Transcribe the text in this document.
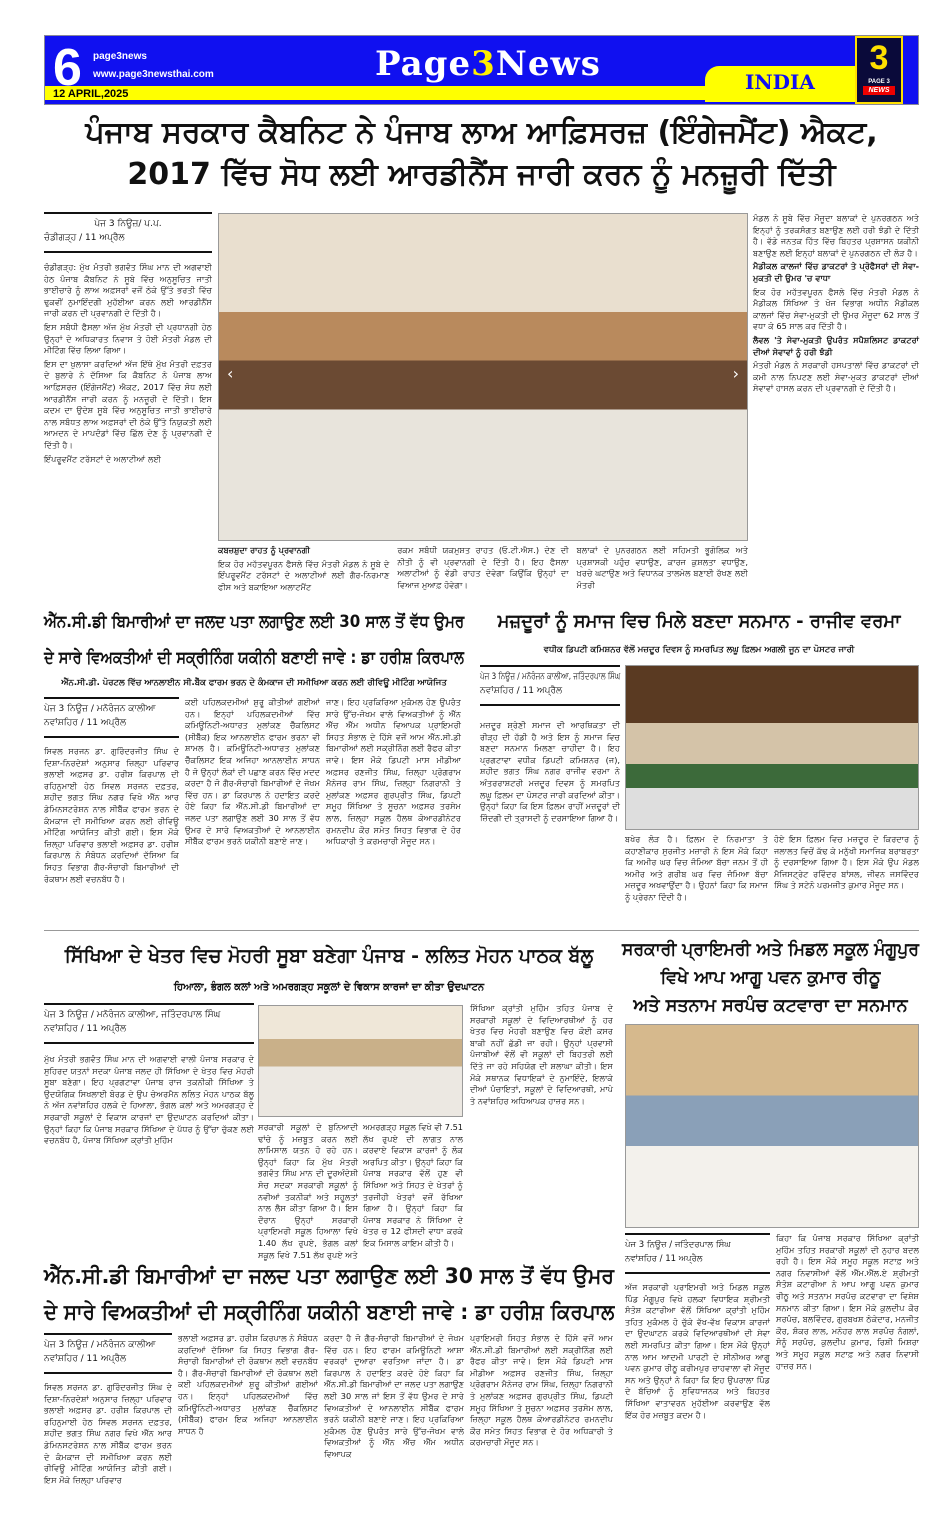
6 page3news
www.page3newsthai.com
12 APRIL,2025
Page3News	INDIA
3
PAGE 3
NEWS
ਪੰਜਾਬ ਸਰਕਾਰ ਕੈਬਨਿਟ ਨੇ ਪੰਜਾਬ ਲਾਅ ਆਫ਼ਿਸਰਜ਼ (ਇੰਗੇਜਮੈਂਟ) ਐਕਟ,
2017 ਵਿੱਚ ਸੋਧ ਲਈ ਆਰਡੀਨੈਂਸ ਜਾਰੀ ਕਰਨ ਨੂੰ ਮਨਜ਼ੂਰੀ ਦਿੱਤੀ
ਪੇਜ 3 ਨਿਊਜ਼/ ਪ.ਪ.
ਚੰਡੀਗੜ੍ਹ / 11 ਅਪ੍ਰੈਲ

ਚੰਡੀਗੜ੍ਹ: ਮੁੱਖ ਮੰਤਰੀ ਭਗਵੰਤ ਸਿੰਘ ਮਾਨ ਦੀ ਅਗਵਾਈ ਹੇਠ ਪੰਜਾਬ ਕੈਬਨਿਟ ਨੇ ਸੂਬੇ ਵਿੱਚ ਅਨੁਸੂਚਿਤ ਜਾਤੀ ਭਾਈਚਾਰੇ ਨੂੰ ਲਾਅ ਅਫ਼ਸਰਾਂ ਵਜੋਂ ਠੇਕੇ ਉੱਤੇ ਭਰਤੀ ਵਿੱਚ ਢੁਕਵੀਂ ਨੁਮਾਇੰਦਗੀ ਮੁਹੱਈਆ ਕਰਨ ਲਈ ਆਰਡੀਨੈਂਸ ਜਾਰੀ ਕਰਨ ਦੀ ਪ੍ਰਵਾਨਗੀ ਦੇ ਦਿੱਤੀ ਹੈ।

ਇਸ ਸਬੰਧੀ ਫੈਸਲਾ ਅੱਜ ਮੁੱਖ ਮੰਤਰੀ ਦੀ ਪ੍ਰਧਾਨਗੀ ਹੇਠ ਉਨ੍ਹਾਂ ਦੇ ਅਧਿਕਾਰਤ ਨਿਵਾਸ ਤੇ ਹੋਈ ਮੰਤਰੀ ਮੰਡਲ ਦੀ ਮੀਟਿੰਗ ਵਿੱਚ ਲਿਆ ਗਿਆ।

ਇਸ ਦਾ ਖੁਲਾਸਾ ਕਰਦਿਆਂ ਅੱਜ ਇੱਥੇ ਮੁੱਖ ਮੰਤਰੀ ਦਫ਼ਤਰ ਦੇ ਬੁਲਾਰੇ ਨੇ ਦੱਸਿਆ ਕਿ ਕੈਬਨਿਟ ਨੇ ਪੰਜਾਬ ਲਾਅ ਆਫ਼ਿਸਰਜ਼ (ਇੰਗੇਜਮੈਂਟ) ਐਕਟ, 2017 ਵਿੱਚ ਸੋਧ ਲਈ ਆਰਡੀਨੈਂਸ ਜਾਰੀ ਕਰਨ ਨੂੰ ਮਨਜ਼ੂਰੀ ਦੇ ਦਿੱਤੀ। ਇਸ ਕਦਮ ਦਾ ਉਦੇਸ਼ ਸੂਬੇ ਵਿੱਚ ਅਨੁਸੂਚਿਤ ਜਾਤੀ ਭਾਈਚਾਰੇ ਨਾਲ ਸਬੰਧਤ ਲਾਅ ਅਫ਼ਸਰਾਂ ਦੀ ਠੇਕੇ ਉੱਤੇ ਨਿਯੁਕਤੀ ਲਈ ਆਮਦਨ ਦੇ ਮਾਪਦੰਡਾਂ ਵਿੱਚ ਛਿੱਲ ਦੇਣ ਨੂੰ ਪ੍ਰਵਾਨਗੀ ਦੇ ਦਿੱਤੀ ਹੈ।

ਇੰਪਰੂਵਮੈਂਟ ਟਰੱਸਟਾਂ ਦੇ ਅਲਾਟੀਆਂ ਲਈ

‹	›

ਕਬਜ਼ਸ਼ੁਦਾ ਰਾਹਤ ਨੂੰ ਪ੍ਰਵਾਨਗੀ

ਇਕ ਹੋਰ ਮਹੱਤਵਪੂਰਨ ਫੈਸਲੇ ਵਿੱਚ ਮੰਤਰੀ ਮੰਡਲ ਨੇ ਸੂਬੇ ਦੇ ਇੰਪਰੂਵਮੈਂਟ ਟਰੱਸਟਾਂ ਦੇ ਅਲਾਟੀਆਂ ਲਈ ਗੈਰ-ਨਿਰਮਾਣ ਫੀਸ ਅਤੇ ਬਕਾਇਆ ਅਲਾਟਮੈਂਟ

ਰਕਮ ਸਬੰਧੀ ਯਕਮੁਸ਼ਤ ਰਾਹਤ (ਓ.ਟੀ.ਐਸ.) ਦੇਣ ਦੀ ਨੀਤੀ ਨੂੰ ਵੀ ਪ੍ਰਵਾਨਗੀ ਦੇ ਦਿੱਤੀ ਹੈ। ਇਹ ਫੈਸਲਾ ਅਲਾਟੀਆਂ ਨੂੰ ਵੱਡੀ ਰਾਹਤ ਦੇਵੇਗਾ ਕਿਉਂਕਿ ਉਨ੍ਹਾਂ ਦਾ ਵਿਆਜ ਮੁਆਫ਼ ਹੋਵੇਗਾ।

ਬਲਾਕਾਂ ਦੇ ਪੁਨਰਗਠਨ ਲਈ ਸਹਿਮਤੀ ਭੂਗੋਲਿਕ ਅਤੇ ਪ੍ਰਸ਼ਾਸਕੀ ਪਹੁੰਚ ਵਧਾਉਣ, ਕਾਰਜ ਕੁਸ਼ਲਤਾ ਵਧਾਉਣ, ਖ਼ਰਚੇ ਘਟਾਉਣ ਅਤੇ ਵਿਧਾਨਕ ਤਾਲਮੇਲ ਬਣਾਈ ਰੱਖਣ ਲਈ ਮੰਤਰੀ

ਮੰਡਲ ਨੇ ਸੂਬੇ ਵਿੱਚ ਮੌਜੂਦਾ ਬਲਾਕਾਂ ਦੇ ਪੁਨਰਗਠਨ ਅਤੇ ਇਨ੍ਹਾਂ ਨੂੰ ਤਰਕਸੰਗਤ ਬਣਾਉਣ ਲਈ ਹਰੀ ਝੰਡੀ ਦੇ ਦਿੱਤੀ ਹੈ। ਵੱਡੇ ਜਨਤਕ ਹਿੱਤ ਵਿੱਚ ਬਿਹਤਰ ਪ੍ਰਸ਼ਾਸਨ ਯਕੀਨੀ ਬਣਾਉਣ ਲਈ ਇਨ੍ਹਾਂ ਬਲਾਕਾਂ ਦੇ ਪੁਨਰਗਠਨ ਦੀ ਲੋੜ ਹੈ।

ਮੈਡੀਕਲ ਕਾਲਜਾਂ ਵਿੱਚ ਡਾਕਟਰਾਂ ਤੇ ਪ੍ਰੋਫੈਸਰਾਂ ਦੀ ਸੇਵਾ-ਮੁਕਤੀ ਦੀ ਉਮਰ 'ਚ ਵਾਧਾ

ਇਕ ਹੋਰ ਮਹੱਤਵਪੂਰਨ ਫੈਸਲੇ ਵਿੱਚ ਮੰਤਰੀ ਮੰਡਲ ਨੇ ਮੈਡੀਕਲ ਸਿੱਖਿਆ ਤੇ ਖੋਜ ਵਿਭਾਗ ਅਧੀਨ ਮੈਡੀਕਲ ਕਾਲਜਾਂ ਵਿੱਚ ਸੇਵਾ-ਮੁਕਤੀ ਦੀ ਉਮਰ ਮੌਜੂਦਾ 62 ਸਾਲ ਤੋਂ ਵਧਾ ਕੇ 65 ਸਾਲ ਕਰ ਦਿੱਤੀ ਹੈ।

ਲੈਵਲ 'ਤੇ ਸੇਵਾ-ਮੁਕਤੀ ਉਪਰੰਤ ਸਪੈਸ਼ਲਿਸਟ ਡਾਕਟਰਾਂ ਦੀਆਂ ਸੇਵਾਵਾਂ ਨੂੰ ਹਰੀ ਝੰਡੀ

ਮੰਤਰੀ ਮੰਡਲ ਨੇ ਸਰਕਾਰੀ ਹਸਪਤਾਲਾਂ ਵਿੱਚ ਡਾਕਟਰਾਂ ਦੀ ਕਮੀ ਨਾਲ ਨਿਪਟਣ ਲਈ ਸੇਵਾ-ਮੁਕਤ ਡਾਕਟਰਾਂ ਦੀਆਂ ਸੇਵਾਵਾਂ ਹਾਸਲ ਕਰਨ ਦੀ ਪ੍ਰਵਾਨਗੀ ਦੇ ਦਿੱਤੀ ਹੈ।

ਐੱਨ.ਸੀ.ਡੀ ਬਿਮਾਰੀਆਂ ਦਾ ਜਲਦ ਪਤਾ ਲਗਾਉਣ ਲਈ 30 ਸਾਲ ਤੋਂ ਵੱਧ ਉਮਰ
ਦੇ ਸਾਰੇ ਵਿਅਕਤੀਆਂ ਦੀ ਸਕ੍ਰੀਨਿੰਗ ਯਕੀਨੀ ਬਣਾਈ ਜਾਵੇ : ਡਾ ਹਰੀਸ਼ ਕਿਰਪਾਲ
ਐੱਨ.ਸੀ.ਡੀ. ਪੋਰਟਲ ਵਿੱਚ ਆਨਲਾਈਨ ਸੀ.ਬੈੱਕ ਫਾਰਮ ਭਰਨ ਦੇ ਕੰਮਕਾਜ ਦੀ ਸਮੀਖਿਆ ਕਰਨ ਲਈ ਰੀਵਿਊ ਮੀਟਿੰਗ ਆਯੋਜਿਤ
ਪੇਜ 3 ਨਿਊਜ਼ / ਮਨੋਰੰਜਨ ਕਾਲੀਆ
ਨਵਾਂਸ਼ਹਿਰ / 11 ਅਪ੍ਰੈਲ
ਸਿਵਲ ਸਰਜਨ ਡਾ. ਗੁਰਿੰਦਰਜੀਤ ਸਿੰਘ ਦੇ ਦਿਸ਼ਾ-ਨਿਰਦੇਸ਼ਾਂ ਅਨੁਸਾਰ ਜ਼ਿਲ੍ਹਾ ਪਰਿਵਾਰ ਭਲਾਈ ਅਫ਼ਸਰ ਡਾ. ਹਰੀਸ਼ ਕਿਰਪਾਲ ਦੀ ਰਹਿਨੁਮਾਈ ਹੇਠ ਸਿਵਲ ਸਰਜਨ ਦਫ਼ਤਰ, ਸ਼ਹੀਦ ਭਗਤ ਸਿੰਘ ਨਗਰ ਵਿਖੇ ਐੱਨ ਆਰ ਡੇਮਿਨਸਟਰੇਸ਼ਨ ਨਾਲ ਸੀਬੈੱਕ ਫਾਰਮ ਭਰਨ ਦੇ ਕੰਮਕਾਜ ਦੀ ਸਮੀਖਿਆ ਕਰਨ ਲਈ ਰੀਵਿਊ ਮੀਟਿੰਗ ਆਯੋਜਿਤ ਕੀਤੀ ਗਈ। ਇਸ ਮੌਕੇ ਜ਼ਿਲ੍ਹਾ ਪਰਿਵਾਰ ਭਲਾਈ ਅਫ਼ਸਰ ਡਾ. ਹਰੀਸ਼ ਕਿਰਪਾਲ ਨੇ ਸੰਬੋਧਨ ਕਰਦਿਆਂ ਦੱਸਿਆ ਕਿ ਸਿਹਤ ਵਿਭਾਗ ਗੈਰ-ਸੰਚਾਰੀ ਬਿਮਾਰੀਆਂ ਦੀ ਰੋਕਥਾਮ ਲਈ ਵਚਨਬੱਧ ਹੈ।
ਕਈ ਪਹਿਲਕਦਮੀਆਂ ਸ਼ੁਰੂ ਕੀਤੀਆਂ ਗਈਆਂ ਹਨ। ਇਨ੍ਹਾਂ ਪਹਿਲਕਦਮੀਆਂ ਵਿੱਚ ਕਮਿਊਨਿਟੀ-ਅਧਾਰਤ ਮੁਲਾਂਕਣ ਚੈੱਕਲਿਸਟ (ਸੀਬੈੱਕ) ਇਕ ਆਨਲਾਈਨ ਫਾਰਮ ਭਰਨਾ ਵੀ ਸ਼ਾਮਲ ਹੈ। ਕਮਿਊਨਿਟੀ-ਅਧਾਰਤ ਮੁਲਾਂਕਣ ਚੈੱਕਲਿਸਟ ਇਕ ਅਜਿਹਾ ਆਨਲਾਈਨ ਸਾਧਨ ਹੈ ਜੋ ਉਨ੍ਹਾਂ ਲੋਕਾਂ ਦੀ ਪਛਾਣ ਕਰਨ ਵਿੱਚ ਮਦਦ ਕਰਦਾ ਹੈ ਜੋ ਗੈਰ-ਸੰਚਾਰੀ ਬਿਮਾਰੀਆਂ ਦੇ ਜੋਖਮ ਵਿੱਚ ਹਨ। ਡਾ ਕਿਰਪਾਲ ਨੇ ਹਦਾਇਤ ਕਰਦੇ ਹੋਏ ਕਿਹਾ ਕਿ ਐੱਨ.ਸੀ.ਡੀ ਬਿਮਾਰੀਆਂ ਦਾ ਜਲਦ ਪਤਾ ਲਗਾਉਣ ਲਈ 30 ਸਾਲ ਤੋਂ ਵੱਧ ਉਮਰ ਦੇ ਸਾਰੇ ਵਿਅਕਤੀਆਂ ਦੇ ਆਨਲਾਈਨ ਸੀਬੈੱਕ ਫਾਰਮ ਭਰਨੇ ਯਕੀਨੀ ਬਣਾਏ ਜਾਣ।
ਜਾਣ। ਇਹ ਪ੍ਰਕਿਰਿਆ ਮੁਕੰਮਲ ਹੋਣ ਉਪਰੰਤ ਸਾਰੇ ਉੱਚ-ਜੋਖਮ ਵਾਲੇ ਵਿਅਕਤੀਆਂ ਨੂੰ ਐੱਨ ਐੱਚ ਐੱਮ ਅਧੀਨ ਵਿਆਪਕ ਪ੍ਰਾਇਮਰੀ ਸਿਹਤ ਸੰਭਾਲ ਦੇ ਹਿੱਸੇ ਵਜੋਂ ਆਮ ਐੱਨ.ਸੀ.ਡੀ ਬਿਮਾਰੀਆਂ ਲਈ ਸਕ੍ਰੀਨਿੰਗ ਲਈ ਰੈਫਰ ਕੀਤਾ ਜਾਵੇ। ਇਸ ਮੌਕੇ ਡਿਪਟੀ ਮਾਸ ਮੀਡੀਆ ਅਫ਼ਸਰ ਰਣਜੀਤ ਸਿੰਘ, ਜ਼ਿਲ੍ਹਾ ਪ੍ਰੋਗਰਾਮ ਮੈਨੇਜਰ ਰਾਮ ਸਿੰਘ, ਜ਼ਿਲ੍ਹਾ ਨਿਗਰਾਨੀ ਤੇ ਮੁਲਾਂਕਣ ਅਫ਼ਸਰ ਗੁਰਪ੍ਰੀਤ ਸਿੰਘ, ਡਿਪਟੀ ਸਮੂਹ ਸਿੱਖਿਆ ਤੇ ਸੂਚਨਾ ਅਫ਼ਸਰ ਤਰਸੇਮ ਲਾਲ, ਜ਼ਿਲ੍ਹਾ ਸਕੂਲ ਹੈਲਥ ਕੋਆਰਡੀਨੇਟਰ ਰਮਨਦੀਪ ਕੌਰ ਸਮੇਤ ਸਿਹਤ ਵਿਭਾਗ ਦੇ ਹੋਰ ਅਧਿਕਾਰੀ ਤੇ ਕਰਮਚਾਰੀ ਮੌਜੂਦ ਸਨ।
ਮਜ਼ਦੂਰਾਂ ਨੂੰ ਸਮਾਜ ਵਿਚ ਮਿਲੇ ਬਣਦਾ ਸਨਮਾਨ - ਰਾਜੀਵ ਵਰਮਾ
ਵਧੀਕ ਡਿਪਟੀ ਕਮਿਸ਼ਨਰ ਵੱਲੋਂ ਮਜ਼ਦੂਰ ਦਿਵਸ ਨੂੰ ਸਮਰਪਿਤ ਲਘੂ ਫ਼ਿਲਮ ਅਗਲੀ ਜੂਨ ਦਾ ਪੋਸਟਰ ਜਾਰੀ
ਪੇਜ 3 ਨਿਊਜ਼ / ਮਨੋਰੰਜਨ ਕਾਲੀਆ, ਜਤਿੰਦਰਪਾਲ ਸਿੰਘ
ਨਵਾਂਸ਼ਹਿਰ / 11 ਅਪ੍ਰੈਲ
ਮਜ਼ਦੂਰ ਸ਼੍ਰੇਣੀ ਸਮਾਜ ਦੀ ਆਰਥਿਕਤਾ ਦੀ ਰੀੜ੍ਹ ਦੀ ਹੱਡੀ ਹੈ ਅਤੇ ਇਸ ਨੂੰ ਸਮਾਜ ਵਿਚ ਬਣਦਾ ਸਨਮਾਨ ਮਿਲਣਾ ਚਾਹੀਦਾ ਹੈ। ਇਹ ਪ੍ਰਗਟਾਵਾ ਵਧੀਕ ਡਿਪਟੀ ਕਮਿਸ਼ਨਰ (ਜ), ਸ਼ਹੀਦ ਭਗਤ ਸਿੰਘ ਨਗਰ ਰਾਜੀਵ ਵਰਮਾ ਨੇ ਅੰਤਰਰਾਸ਼ਟਰੀ ਮਜ਼ਦੂਰ ਦਿਵਸ ਨੂੰ ਸਮਰਪਿਤ ਲਘੂ ਫ਼ਿਲਮ ਦਾ ਪੋਸਟਰ ਜਾਰੀ ਕਰਦਿਆਂ ਕੀਤਾ। ਉਨ੍ਹਾਂ ਕਿਹਾ ਕਿ ਇਸ ਫ਼ਿਲਮ ਰਾਹੀਂ ਮਜ਼ਦੂਰਾਂ ਦੀ ਜ਼ਿੰਦਗੀ ਦੀ ਤ੍ਰਾਸਦੀ ਨੂੰ ਦਰਸਾਇਆ ਗਿਆ ਹੈ।
ਬਖੇਰ ਲੋੜ ਹੈ। ਫ਼ਿਲਮ ਦੇ ਨਿਰਮਾਤਾ ਤੇ ਕਹਾਣੀਕਾਰ ਸੁਰਜੀਤ ਮਜ਼ਾਰੀ ਨੇ ਇਸ ਮੌਕੇ ਕਿਹਾ ਕਿ ਅਮੀਰ ਘਰ ਵਿਚ ਜੰਮਿਆ ਬੱਚਾ ਜਨਮ ਤੋਂ ਹੀ ਅਮੀਰ ਅਤੇ ਗਰੀਬ ਘਰ ਵਿਚ ਜੰਮਿਆ ਬੱਚਾ ਮਜ਼ਦੂਰ ਅਖਵਾਉਂਦਾ ਹੈ। ਉਹਨਾਂ ਕਿਹਾ ਕਿ ਸਮਾਜ ਨੂੰ ਪ੍ਰੇਰਨਾ ਦਿੰਦੀ ਹੈ।
ਹੋਏ ਇਸ ਫ਼ਿਲਮ ਵਿਚ ਮਜ਼ਦੂਰ ਦੇ ਕਿਰਦਾਰ ਨੂੰ ਜਲਾਲਤ ਵਿਚੋਂ ਕੱਢ ਕੇ ਮਨੁੱਖੀ ਸਮਾਜਿਕ ਬਰਾਬਰਤਾ ਨੂੰ ਦਰਸਾਇਆ ਗਿਆ ਹੈ। ਇਸ ਮੌਕੇ ਉਪ ਮੰਡਲ ਮੈਜਿਸਟ੍ਰੇਟ ਰਵਿੰਦਰ ਬਾਂਸਲ, ਜੀਵਨ ਜਸਵਿੰਦਰ ਸਿੰਘ ਤੇ ਸਟੇਨੋ ਪਰਮਜੀਤ ਕੁਮਾਰ ਮੌਜੂਦ ਸਨ।
ਸਿੱਖਿਆ ਦੇ ਖੇਤਰ ਵਿਚ ਮੋਹਰੀ ਸੂਬਾ ਬਣੇਗਾ ਪੰਜਾਬ - ਲਲਿਤ ਮੋਹਨ ਪਾਠਕ ਬੱਲੂ
ਹਿਆਲਾ, ਭੰਗਲ ਕਲਾਂ ਅਤੇ ਅਮਰਗੜ੍ਹ ਸਕੂਲਾਂ ਦੇ ਵਿਕਾਸ ਕਾਰਜਾਂ ਦਾ ਕੀਤਾ ਉਦਘਾਟਨ
ਪੇਜ 3 ਨਿਊਜ਼ / ਮਨੋਰੰਜਨ ਕਾਲੀਆ, ਜਤਿੰਦਰਪਾਲ ਸਿੰਘ
ਨਵਾਂਸ਼ਹਿਰ / 11 ਅਪ੍ਰੈਲ
ਮੁੱਖ ਮੰਤਰੀ ਭਗਵੰਤ ਸਿੰਘ ਮਾਨ ਦੀ ਅਗਵਾਈ ਵਾਲੀ ਪੰਜਾਬ ਸਰਕਾਰ ਦੇ ਸੁਹਿਰਦ ਯਤਨਾਂ ਸਦਕਾ ਪੰਜਾਬ ਜਲਦ ਹੀ ਸਿੱਖਿਆ ਦੇ ਖੇਤਰ ਵਿਚ ਮੋਹਰੀ ਸੂਬਾ ਬਣੇਗਾ। ਇਹ ਪ੍ਰਗਟਾਵਾ ਪੰਜਾਬ ਰਾਜ ਤਕਨੀਕੀ ਸਿੱਖਿਆ ਤੇ ਉਦਯੋਗਿਕ ਸਿਖਲਾਈ ਬੋਰਡ ਦੇ ਉਪ ਚੇਅਰਮੈਨ ਲਲਿਤ ਮੋਹਨ ਪਾਠਕ ਬੱਲੂ ਨੇ ਅੱਜ ਨਵਾਂਸ਼ਹਿਰ ਹਲਕੇ ਦੇ ਹਿਆਲਾ, ਭੰਗਲ ਕਲਾਂ ਅਤੇ ਅਮਰਗੜ੍ਹ ਦੇ ਸਰਕਾਰੀ ਸਕੂਲਾਂ ਦੇ ਵਿਕਾਸ ਕਾਰਜਾਂ ਦਾ ਉਦਘਾਟਨ ਕਰਦਿਆਂ ਕੀਤਾ। ਉਨ੍ਹਾਂ ਕਿਹਾ ਕਿ ਪੰਜਾਬ ਸਰਕਾਰ ਸਿੱਖਿਆ ਦੇ ਪੱਧਰ ਨੂੰ ਉੱਚਾ ਚੁੱਕਣ ਲਈ ਵਚਨਬੱਧ ਹੈ, ਪੰਜਾਬ ਸਿੱਖਿਆ ਕ੍ਰਾਂਤੀ ਮੁਹਿੰਮ
ਸਰਕਾਰੀ ਸਕੂਲਾਂ ਦੇ ਬੁਨਿਆਦੀ ਢਾਂਚੇ ਨੂੰ ਮਜ਼ਬੂਤ ਕਰਨ ਲਈ ਲਾਮਿਸਾਲ ਯਤਨ ਹੋ ਰਹੇ ਹਨ। ਉਨ੍ਹਾਂ ਕਿਹਾ ਕਿ ਮੁੱਖ ਮੰਤਰੀ ਭਗਵੰਤ ਸਿੰਘ ਮਾਨ ਦੀ ਦੂਰਅੰਦੇਸ਼ੀ ਸੋਚ ਸਦਕਾ ਸਰਕਾਰੀ ਸਕੂਲਾਂ ਨੂੰ ਨਵੀਆਂ ਤਕਨੀਕਾਂ ਅਤੇ ਸਹੂਲਤਾਂ ਨਾਲ ਲੈਸ ਕੀਤਾ ਗਿਆ ਹੈ। ਇਸ ਦੌਰਾਨ ਉਨ੍ਹਾਂ ਸਰਕਾਰੀ ਪ੍ਰਾਇਮਰੀ ਸਕੂਲ ਹਿਆਲਾ ਵਿਖੇ 1.40 ਲੱਖ ਰੁਪਏ, ਭੰਗਲ ਕਲਾਂ ਸਕੂਲ ਵਿਖੇ 7.51 ਲੱਖ ਰੁਪਏ ਅਤੇ
ਅਮਰਗੜ੍ਹ ਸਕੂਲ ਵਿਖੇ ਵੀ 7.51 ਲੱਖ ਰੁਪਏ ਦੀ ਲਾਗਤ ਨਾਲ ਕਰਵਾਏ ਵਿਕਾਸ ਕਾਰਜਾਂ ਨੂੰ ਲੋਕ ਅਰਪਿਤ ਕੀਤਾ। ਉਨ੍ਹਾਂ ਕਿਹਾ ਕਿ ਪੰਜਾਬ ਸਰਕਾਰ ਵੱਲੋਂ ਹੁਣ ਵੀ ਸਿੱਖਿਆ ਅਤੇ ਸਿਹਤ ਦੇ ਖੇਤਰਾਂ ਨੂੰ ਤਰਜੀਹੀ ਖੇਤਰਾਂ ਵਜੋਂ ਰੱਖਿਆ ਗਿਆ ਹੈ। ਉਨ੍ਹਾਂ ਕਿਹਾ ਕਿ ਪੰਜਾਬ ਸਰਕਾਰ ਨੇ ਸਿੱਖਿਆ ਦੇ ਖੇਤਰ ਚ 12 ਫੀਸਦੀ ਵਾਧਾ ਕਰਕੇ ਇਕ ਮਿਸਾਲ ਕਾਇਮ ਕੀਤੀ ਹੈ।
ਸਿੱਖਿਆ ਕ੍ਰਾਂਤੀ ਮੁਹਿੰਮ ਤਹਿਤ ਪੰਜਾਬ ਦੇ ਸਰਕਾਰੀ ਸਕੂਲਾਂ ਦੇ ਵਿਦਿਆਰਥੀਆਂ ਨੂੰ ਹਰ ਖੇਤਰ ਵਿਚ ਮੋਹਰੀ ਬਣਾਉਣ ਵਿਚ ਕੋਈ ਕਸਰ ਬਾਕੀ ਨਹੀਂ ਛੱਡੀ ਜਾ ਰਹੀ। ਉਨ੍ਹਾਂ ਪ੍ਰਵਾਸੀ ਪੰਜਾਬੀਆਂ ਵੱਲੋਂ ਵੀ ਸਕੂਲਾਂ ਦੀ ਬਿਹਤਰੀ ਲਈ ਦਿੱਤੇ ਜਾ ਰਹੇ ਸਹਿਯੋਗ ਦੀ ਸ਼ਲਾਘਾ ਕੀਤੀ। ਇਸ ਮੌਕੇ ਸਥਾਨਕ ਵਿਧਾਇਕਾਂ ਦੇ ਨੁਮਾਇੰਦੇ, ਇਲਾਕੇ ਦੀਆਂ ਪੰਚਾਇਤਾਂ, ਸਕੂਲਾਂ ਦੇ ਵਿਦਿਆਰਥੀ, ਮਾਪੇ ਤੇ ਨਵਾਂਸ਼ਹਿਰ ਅਧਿਆਪਕ ਹਾਜ਼ਰ ਸਨ।
ਸਰਕਾਰੀ ਪ੍ਰਾਇਮਰੀ ਅਤੇ ਮਿਡਲ ਸਕੂਲ ਮੰਗੂਪੁਰ
ਵਿਖੇ ਆਪ ਆਗੂ ਪਵਨ ਕੁਮਾਰ ਰੀਠੂ
ਅਤੇ ਸਤਨਾਮ ਸਰਪੰਚ ਕਟਵਾਰਾ ਦਾ ਸਨਮਾਨ
ਪੇਜ 3 ਨਿਊਜ਼ / ਜਤਿੰਦਰਪਾਲ ਸਿੰਘ
ਨਵਾਂਸ਼ਹਿਰ / 11 ਅਪ੍ਰੈਲ
ਅੱਜ ਸਰਕਾਰੀ ਪ੍ਰਾਇਮਰੀ ਅਤੇ ਮਿਡਲ ਸਕੂਲ ਪਿੰਡ ਮੰਗੂਪੁਰ ਵਿਖੇ ਹਲਕਾ ਵਿਧਾਇਕ ਸ਼੍ਰੀਮਤੀ ਸੰਤੋਸ਼ ਕਟਾਰੀਆ ਵੱਲੋਂ ਸਿੱਖਿਆ ਕ੍ਰਾਂਤੀ ਮੁਹਿੰਮ ਤਹਿਤ ਮੁਕੰਮਲ ਹੋ ਚੁੱਕੇ ਵੱਖ-ਵੱਖ ਵਿਕਾਸ ਕਾਰਜਾਂ ਦਾ ਉਦਘਾਟਨ ਕਰਕੇ ਵਿਦਿਆਰਥੀਆਂ ਦੀ ਸੇਵਾ ਲਈ ਸਮਰਪਿਤ ਕੀਤਾ ਗਿਆ। ਇਸ ਮੌਕੇ ਉਨ੍ਹਾਂ ਨਾਲ ਆਮ ਆਦਮੀ ਪਾਰਟੀ ਦੇ ਸੀਨੀਅਰ ਆਗੂ ਪਵਨ ਕੁਮਾਰ ਰੀਠੂ ਕਰੀਮਪੁਰ ਚਾਹਵਾਲਾ ਵੀ ਮੌਜੂਦ ਸਨ ਅਤੇ ਉਨ੍ਹਾਂ ਨੇ ਕਿਹਾ ਕਿ ਇਹ ਉਪਰਾਲਾ ਪਿੰਡ ਦੇ ਬੱਚਿਆਂ ਨੂੰ ਸੁਵਿਧਾਜਨਕ ਅਤੇ ਬਿਹਤਰ ਸਿੱਖਿਆ ਵਾਤਾਵਰਨ ਮੁਹੱਈਆ ਕਰਵਾਉਣ ਵੱਲ ਇੱਕ ਹੋਰ ਮਜ਼ਬੂਤ ਕਦਮ ਹੈ।
ਕਿਹਾ ਕਿ ਪੰਜਾਬ ਸਰਕਾਰ ਸਿੱਖਿਆ ਕ੍ਰਾਂਤੀ ਮੁਹਿੰਮ ਤਹਿਤ ਸਰਕਾਰੀ ਸਕੂਲਾਂ ਦੀ ਨੁਹਾਰ ਬਦਲ ਰਹੀ ਹੈ। ਇਸ ਮੌਕੇ ਸਮੂਹ ਸਕੂਲ ਸਟਾਫ਼ ਅਤੇ ਨਗਰ ਨਿਵਾਸੀਆਂ ਵੱਲੋਂ ਐੱਮ.ਐੱਲ.ਏ ਸ਼੍ਰੀਮਤੀ ਸੰਤੋਸ਼ ਕਟਾਰੀਆ ਨੇ ਆਪ ਆਗੂ ਪਵਨ ਕੁਮਾਰ ਰੀਠੂ ਅਤੇ ਸਤਨਾਮ ਸਰਪੰਚ ਕਟਵਾਰਾ ਦਾ ਵਿਸ਼ੇਸ਼ ਸਨਮਾਨ ਕੀਤਾ ਗਿਆ। ਇਸ ਮੌਕੇ ਕੁਲਦੀਪ ਕੌਰ ਸਰਪੰਚ, ਬਲਵਿੰਦਰ, ਗੁਰਬਖਸ਼ ਠੇਕੇਦਾਰ, ਮਨਜੀਤ ਕੌਰ, ਸ਼ੰਕਰ ਲਾਲ, ਮਨੋਹਰ ਲਾਲ ਸਰਪੰਚ ਨੰਗਲਾਂ, ਸੋਨੂੰ ਸਰਪੰਚ, ਕੁਲਦੀਪ ਕੁਮਾਰ, ਰਿਸ਼ੀ ਮਿਸ਼ਰਾ ਅਤੇ ਸਮੂਹ ਸਕੂਲ ਸਟਾਫ਼ ਅਤੇ ਨਗਰ ਨਿਵਾਸੀ ਹਾਜ਼ਰ ਸਨ।
ਐੱਨ.ਸੀ.ਡੀ ਬਿਮਾਰੀਆਂ ਦਾ ਜਲਦ ਪਤਾ ਲਗਾਉਣ ਲਈ 30 ਸਾਲ ਤੋਂ ਵੱਧ ਉਮਰ
ਦੇ ਸਾਰੇ ਵਿਅਕਤੀਆਂ ਦੀ ਸਕ੍ਰੀਨਿੰਗ ਯਕੀਨੀ ਬਣਾਈ ਜਾਵੇ : ਡਾ ਹਰੀਸ਼ ਕਿਰਪਾਲ
ਪੇਜ 3 ਨਿਊਜ਼ / ਮਨੋਰੰਜਨ ਕਾਲੀਆ
ਨਵਾਂਸ਼ਹਿਰ / 11 ਅਪ੍ਰੈਲ
ਸਿਵਲ ਸਰਜਨ ਡਾ. ਗੁਰਿੰਦਰਜੀਤ ਸਿੰਘ ਦੇ ਦਿਸ਼ਾ-ਨਿਰਦੇਸ਼ਾਂ ਅਨੁਸਾਰ ਜ਼ਿਲ੍ਹਾ ਪਰਿਵਾਰ ਭਲਾਈ ਅਫ਼ਸਰ ਡਾ. ਹਰੀਸ਼ ਕਿਰਪਾਲ ਦੀ ਰਹਿਨੁਮਾਈ ਹੇਠ ਸਿਵਲ ਸਰਜਨ ਦਫ਼ਤਰ, ਸ਼ਹੀਦ ਭਗਤ ਸਿੰਘ ਨਗਰ ਵਿਖੇ ਐੱਨ ਆਰ ਡੇਮਿਨਸਟਰੇਸ਼ਨ ਨਾਲ ਸੀਬੈੱਕ ਫਾਰਮ ਭਰਨ ਦੇ ਕੰਮਕਾਜ ਦੀ ਸਮੀਖਿਆ ਕਰਨ ਲਈ ਰੀਵਿਊ ਮੀਟਿੰਗ ਆਯੋਜਿਤ ਕੀਤੀ ਗਈ। ਇਸ ਮੌਕੇ ਜ਼ਿਲ੍ਹਾ ਪਰਿਵਾਰ
ਭਲਾਈ ਅਫ਼ਸਰ ਡਾ. ਹਰੀਸ਼ ਕਿਰਪਾਲ ਨੇ ਸੰਬੋਧਨ ਕਰਦਿਆਂ ਦੱਸਿਆ ਕਿ ਸਿਹਤ ਵਿਭਾਗ ਗੈਰ-ਸੰਚਾਰੀ ਬਿਮਾਰੀਆਂ ਦੀ ਰੋਕਥਾਮ ਲਈ ਵਚਨਬੱਧ ਹੈ। ਗੈਰ-ਸੰਚਾਰੀ ਬਿਮਾਰੀਆਂ ਦੀ ਰੋਕਥਾਮ ਲਈ ਕਈ ਪਹਿਲਕਦਮੀਆਂ ਸ਼ੁਰੂ ਕੀਤੀਆਂ ਗਈਆਂ ਹਨ। ਇਨ੍ਹਾਂ ਪਹਿਲਕਦਮੀਆਂ ਵਿੱਚ ਕਮਿਊਨਿਟੀ-ਅਧਾਰਤ ਮੁਲਾਂਕਣ ਚੈੱਕਲਿਸਟ (ਸੀਬੈੱਕ) ਫਾਰਮ ਇਕ ਅਜਿਹਾ ਆਨਲਾਈਨ ਸਾਧਨ ਹੈ
ਕਰਦਾ ਹੈ ਜੋ ਗੈਰ-ਸੰਚਾਰੀ ਬਿਮਾਰੀਆਂ ਦੇ ਜੋਖਮ ਵਿੱਚ ਹਨ। ਇਹ ਫਾਰਮ ਕਮਿਊਨਿਟੀ ਆਸ਼ਾ ਵਰਕਰਾਂ ਦੁਆਰਾ ਵਰਤਿਆ ਜਾਂਦਾ ਹੈ। ਡਾ ਕਿਰਪਾਲ ਨੇ ਹਦਾਇਤ ਕਰਦੇ ਹੋਏ ਕਿਹਾ ਕਿ ਐੱਨ.ਸੀ.ਡੀ ਬਿਮਾਰੀਆਂ ਦਾ ਜਲਦ ਪਤਾ ਲਗਾਉਣ ਲਈ 30 ਸਾਲ ਜਾਂ ਇਸ ਤੋਂ ਵੱਧ ਉਮਰ ਦੇ ਸਾਰੇ ਵਿਅਕਤੀਆਂ ਦੇ ਆਨਲਾਈਨ ਸੀਬੈੱਕ ਫਾਰਮ ਭਰਨੇ ਯਕੀਨੀ ਬਣਾਏ ਜਾਣ। ਇਹ ਪ੍ਰਕਿਰਿਆ ਮੁਕੰਮਲ ਹੋਣ ਉਪਰੰਤ ਸਾਰੇ ਉੱਚ-ਜੋਖਮ ਵਾਲੇ ਵਿਅਕਤੀਆਂ ਨੂੰ ਐੱਨ ਐੱਚ ਐੱਮ ਅਧੀਨ ਵਿਆਪਕ
ਪ੍ਰਾਇਮਰੀ ਸਿਹਤ ਸੰਭਾਲ ਦੇ ਹਿੱਸੇ ਵਜੋਂ ਆਮ ਐੱਨ.ਸੀ.ਡੀ ਬਿਮਾਰੀਆਂ ਲਈ ਸਕ੍ਰੀਨਿੰਗ ਲਈ ਰੈਫਰ ਕੀਤਾ ਜਾਵੇ। ਇਸ ਮੌਕੇ ਡਿਪਟੀ ਮਾਸ ਮੀਡੀਆ ਅਫ਼ਸਰ ਰਣਜੀਤ ਸਿੰਘ, ਜ਼ਿਲ੍ਹਾ ਪ੍ਰੋਗਰਾਮ ਮੈਨੇਜਰ ਰਾਮ ਸਿੰਘ, ਜ਼ਿਲ੍ਹਾ ਨਿਗਰਾਨੀ ਤੇ ਮੁਲਾਂਕਣ ਅਫ਼ਸਰ ਗੁਰਪ੍ਰੀਤ ਸਿੰਘ, ਡਿਪਟੀ ਸਮੂਹ ਸਿੱਖਿਆ ਤੇ ਸੂਚਨਾ ਅਫ਼ਸਰ ਤਰਸੇਮ ਲਾਲ, ਜ਼ਿਲ੍ਹਾ ਸਕੂਲ ਹੈਲਥ ਕੋਆਰਡੀਨੇਟਰ ਰਮਨਦੀਪ ਕੌਰ ਸਮੇਤ ਸਿਹਤ ਵਿਭਾਗ ਦੇ ਹੋਰ ਅਧਿਕਾਰੀ ਤੇ ਕਰਮਚਾਰੀ ਮੌਜੂਦ ਸਨ।
